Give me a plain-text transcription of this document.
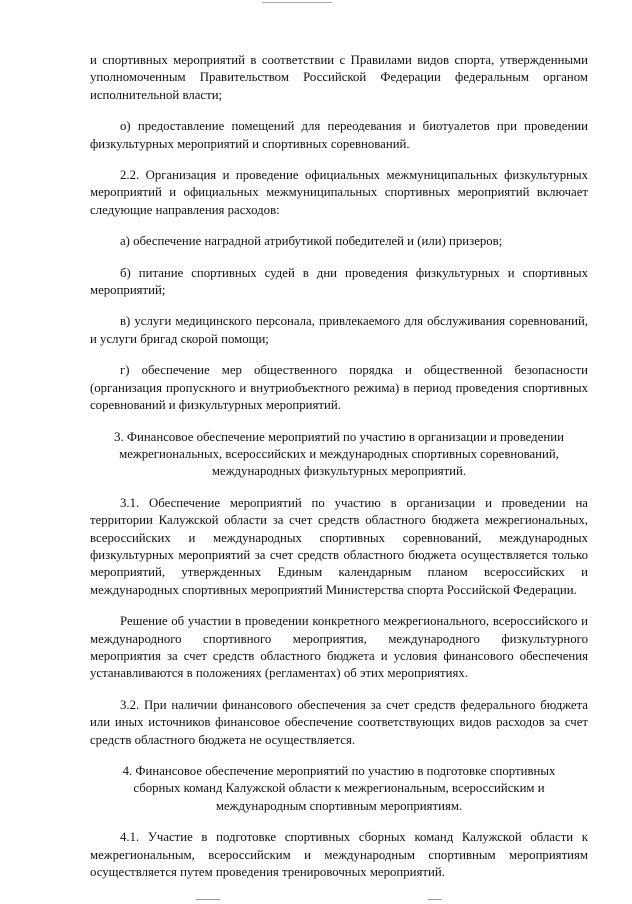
и спортивных мероприятий в соответствии с Правилами видов спорта, утвержденными уполномоченным Правительством Российской Федерации федеральным органом исполнительной власти;

о) предоставление помещений для переодевания и биотуалетов при проведении физкультурных мероприятий и спортивных соревнований.

2.2. Организация и проведение официальных межмуниципальных физкультурных мероприятий и официальных межмуниципальных спортивных мероприятий включает следующие направления расходов:

а) обеспечение наградной атрибутикой победителей и (или) призеров;

б) питание спортивных судей в дни проведения физкультурных и спортивных мероприятий;

в) услуги медицинского персонала, привлекаемого для обслуживания соревнований, и услуги бригад скорой помощи;

г) обеспечение мер общественного порядка и общественной безопасности (организация пропускного и внутриобъектного режима) в период проведения спортивных соревнований и физкультурных мероприятий.

3. Финансовое обеспечение мероприятий по участию в организации и проведении межрегиональных, всероссийских и международных спортивных соревнований, международных физкультурных мероприятий.

3.1. Обеспечение мероприятий по участию в организации и проведении на территории Калужской области за счет средств областного бюджета межрегиональных, всероссийских и международных спортивных соревнований, международных физкультурных мероприятий за счет средств областного бюджета осуществляется только мероприятий, утвержденных Единым календарным планом всероссийских и международных спортивных мероприятий Министерства спорта Российской Федерации.

Решение об участии в проведении конкретного межрегионального, всероссийского и международного спортивного мероприятия, международного физкультурного мероприятия за счет средств областного бюджета и условия финансового обеспечения устанавливаются в положениях (регламентах) об этих мероприятиях.

3.2. При наличии финансового обеспечения за счет средств федерального бюджета или иных источников финансовое обеспечение соответствующих видов расходов за счет средств областного бюджета не осуществляется.

4. Финансовое обеспечение мероприятий по участию в подготовке спортивных сборных команд Калужской области к межрегиональным, всероссийским и международным спортивным мероприятиям.

4.1. Участие в подготовке спортивных сборных команд Калужской области к межрегиональным, всероссийским и международным спортивным мероприятиям осуществляется путем проведения тренировочных мероприятий.
